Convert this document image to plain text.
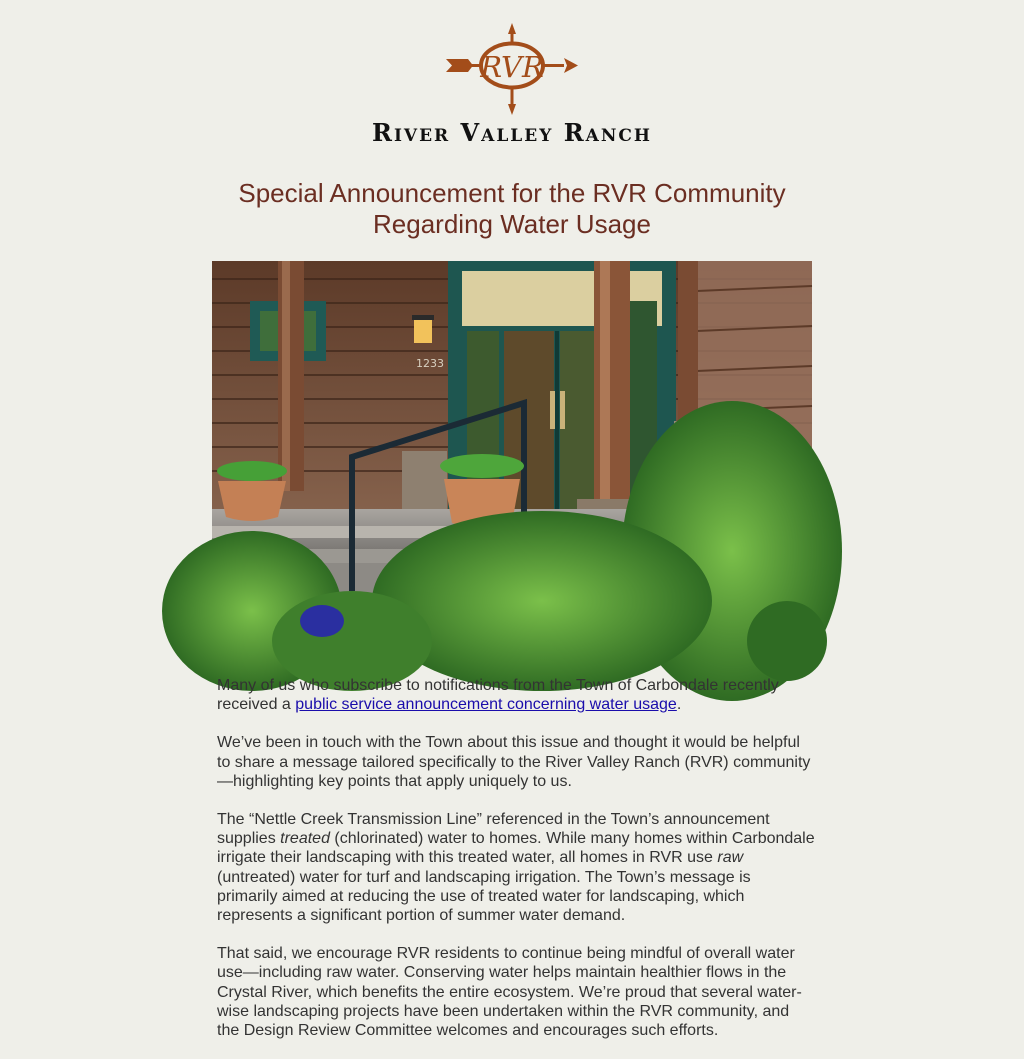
RVR
River Valley Ranch
Special Announcement for the RVR Community
Regarding Water Usage
1233

Many of us who subscribe to notifications from the Town of Carbondale recently received a public service announcement concerning water usage.

We’ve been in touch with the Town about this issue and thought it would be helpful to share a message tailored specifically to the River Valley Ranch (RVR) community—highlighting key points that apply uniquely to us.

The “Nettle Creek Transmission Line” referenced in the Town’s announcement supplies treated (chlorinated) water to homes. While many homes within Carbondale irrigate their landscaping with this treated water, all homes in RVR use raw (untreated) water for turf and landscaping irrigation. The Town’s message is primarily aimed at reducing the use of treated water for landscaping, which represents a significant portion of summer water demand.

That said, we encourage RVR residents to continue being mindful of overall water use—including raw water. Conserving water helps maintain healthier flows in the Crystal River, which benefits the entire ecosystem. We’re proud that several water-wise landscaping projects have been undertaken within the RVR community, and the Design Review Committee welcomes and encourages such efforts.
